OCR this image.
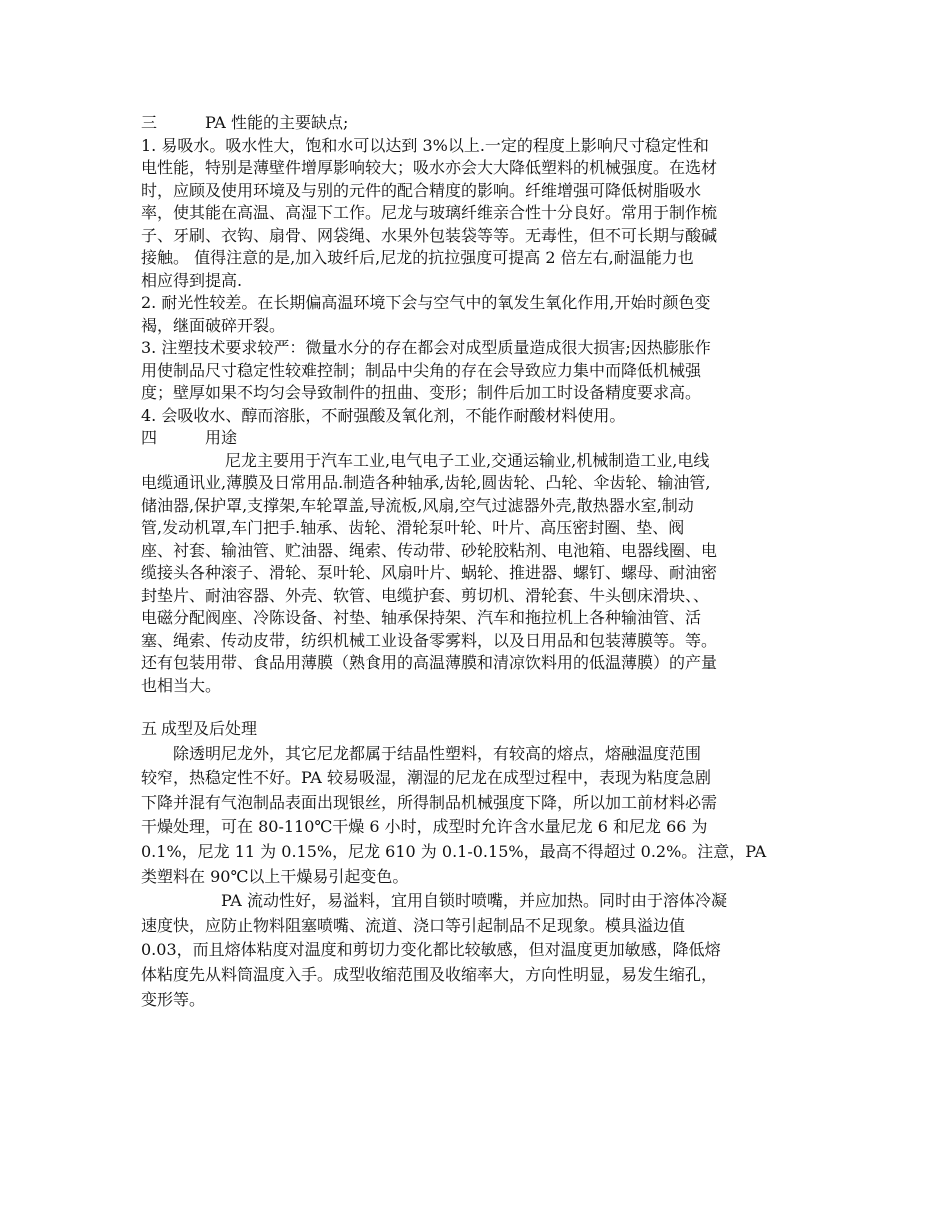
三	PA 性能的主要缺点;
1. 易吸水。吸水性大，饱和水可以达到 3%以上.一定的程度上影响尺寸稳定性和
电性能，特别是薄壁件增厚影响较大；吸水亦会大大降低塑料的机械强度。在选材
时，应顾及使用环境及与别的元件的配合精度的影响。纤维增强可降低树脂吸水
率，使其能在高温、高湿下工作。尼龙与玻璃纤维亲合性十分良好。常用于制作梳
子、牙刷、衣钩、扇骨、网袋绳、水果外包装袋等等。无毒性，但不可长期与酸碱
接触。 值得注意的是,加入玻纤后,尼龙的抗拉强度可提高 2 倍左右,耐温能力也
相应得到提高.
2. 耐光性较差。在长期偏高温环境下会与空气中的氧发生氧化作用,开始时颜色变
褐，继面破碎开裂。
3. 注塑技术要求较严：微量水分的存在都会对成型质量造成很大损害;因热膨胀作
用使制品尺寸稳定性较难控制；制品中尖角的存在会导致应力集中而降低机械强
度；壁厚如果不均匀会导致制件的扭曲、变形；制件后加工时设备精度要求高。
4. 会吸收水、醇而溶胀，不耐强酸及氧化剂，不能作耐酸材料使用。
四	用途
尼龙主要用于汽车工业,电气电子工业,交通运输业,机械制造工业,电线
电缆通讯业,薄膜及日常用品.制造各种轴承,齿轮,圆齿轮、凸轮、伞齿轮、输油管,
储油器,保护罩,支撑架,车轮罩盖,导流板,风扇,空气过滤器外壳,散热器水室,制动
管,发动机罩,车门把手.轴承、齿轮、滑轮泵叶轮、叶片、高压密封圈、垫、阀
座、衬套、输油管、贮油器、绳索、传动带、砂轮胶粘剂、电池箱、电器线圈、电
缆接头各种滚子、滑轮、泵叶轮、风扇叶片、蜗轮、推进器、螺钉、螺母、耐油密
封垫片、耐油容器、外壳、软管、电缆护套、剪切机、滑轮套、牛头刨床滑块、、
电磁分配阀座、冷陈设备、衬垫、轴承保持架、汽车和拖拉机上各种输油管、活
塞、绳索、传动皮带，纺织机械工业设备零雾料，以及日用品和包装薄膜等。等。
还有包装用带、食品用薄膜（熟食用的高温薄膜和清凉饮料用的低温薄膜）的产量
也相当大。
五 成型及后处理
除透明尼龙外，其它尼龙都属于结晶性塑料，有较高的熔点，熔融温度范围
较窄，热稳定性不好。PA 较易吸湿，潮湿的尼龙在成型过程中，表现为粘度急剧
下降并混有气泡制品表面出现银丝，所得制品机械强度下降，所以加工前材料必需
干燥处理，可在 80-110℃干燥 6 小时，成型时允许含水量尼龙 6 和尼龙 66 为
0.1%，尼龙 11 为 0.15%，尼龙 610 为 0.1-0.15%，最高不得超过 0.2%。注意，PA
类塑料在 90℃以上干燥易引起变色。
PA 流动性好，易溢料，宜用自锁时喷嘴，并应加热。同时由于溶体冷凝
速度快，应防止物料阻塞喷嘴、流道、浇口等引起制品不足现象。模具溢边值
0.03，而且熔体粘度对温度和剪切力变化都比较敏感，但对温度更加敏感，降低熔
体粘度先从料筒温度入手。成型收缩范围及收缩率大，方向性明显，易发生缩孔，
变形等。
